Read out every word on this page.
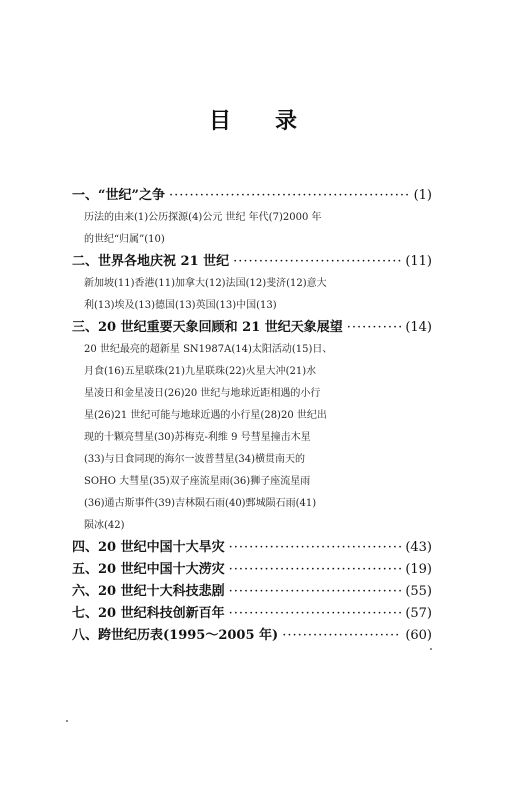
目　　录
一、“世纪”之争 ·····	(1)
历法的由来(1)公历探源(4)公元 世纪 年代(7)2000 年
的世纪“归属”(10)
二、世界各地庆祝 21 世纪 ·····	(11)
新加坡(11)香港(11)加拿大(12)法国(12)斐济(12)意大
利(13)埃及(13)德国(13)英国(13)中国(13)
三、20 世纪重要天象回顾和 21 世纪天象展望 ·····	(14)
20 世纪最亮的超新星 SN1987A(14)太阳活动(15)日、
月食(16)五星联珠(21)九星联珠(22)火星大冲(21)水
星凌日和金星凌日(26)20 世纪与地球近距相遇的小行
星(26)21 世纪可能与地球近遇的小行星(28)20 世纪出
现的十颗亮彗星(30)苏梅克-利维 9 号彗星撞击木星
(33)与日食同现的海尔一波普彗星(34)横贯南天的
SOHO 大彗星(35)双子座流星雨(36)狮子座流星雨
(36)通古斯事件(39)吉林陨石雨(40)鄄城陨石雨(41)
陨冰(42)
四、20 世纪中国十大旱灾 ·····	(43)
五、20 世纪中国十大涝灾 ·····	(19)
六、20 世纪十大科技悲剧 ·····	(55)
七、20 世纪科技创新百年 ·····	(57)
八、跨世纪历表(1995～2005 年) ·····	(60)
